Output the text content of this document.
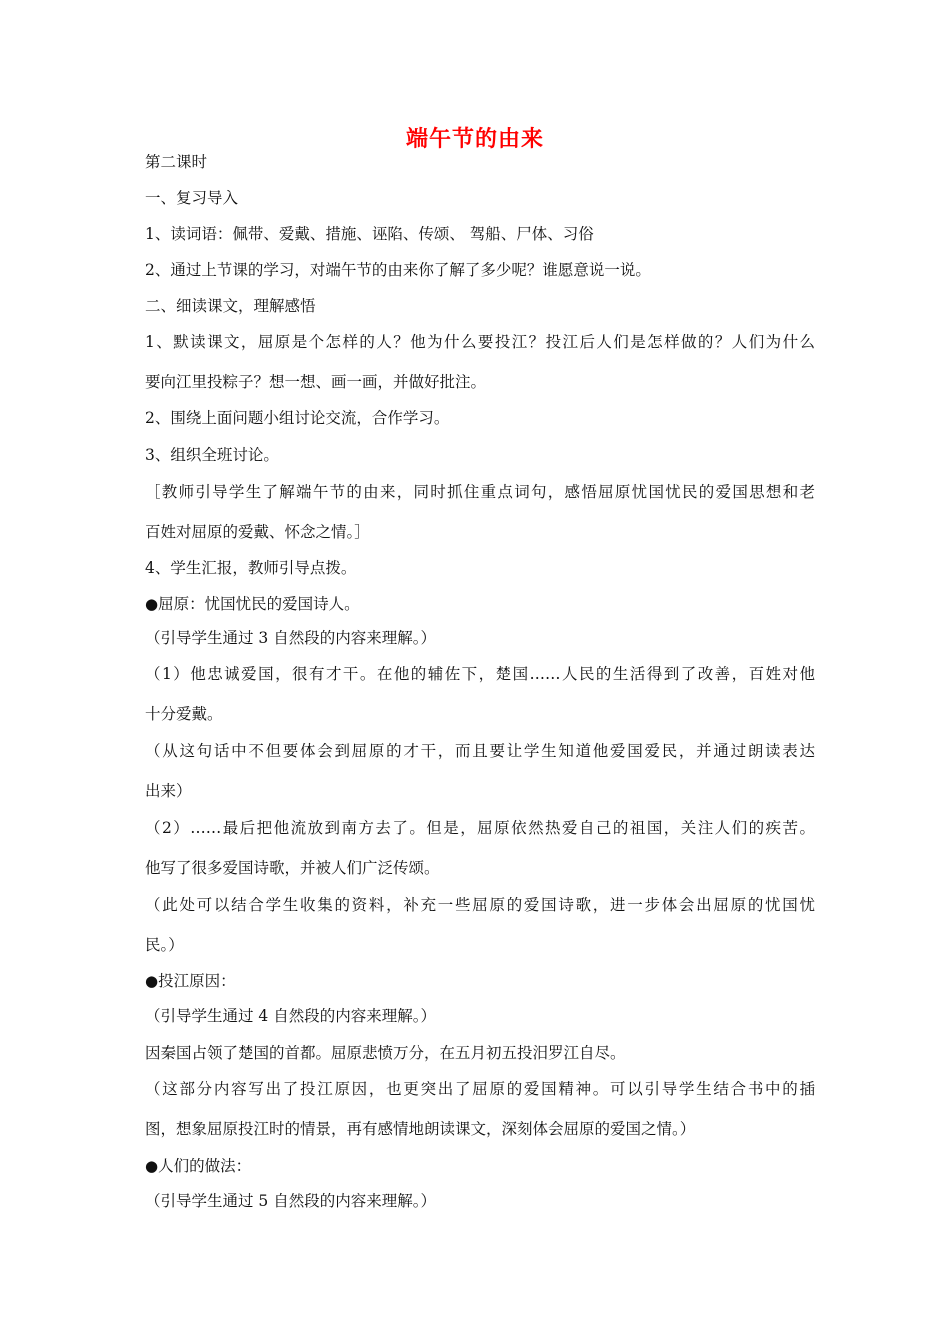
端午节的由来
第二课时
一、复习导入
1、读词语：佩带、爱戴、措施、诬陷、传颂、 驾船、尸体、习俗
2、通过上节课的学习，对端午节的由来你了解了多少呢？谁愿意说一说。
二、细读课文，理解感悟
1、默读课文，屈原是个怎样的人？他为什么要投江？投江后人们是怎样做的？人们为什么
要向江里投粽子？想一想、画一画，并做好批注。
2、围绕上面问题小组讨论交流，合作学习。
3、组织全班讨论。
［教师引导学生了解端午节的由来，同时抓住重点词句，感悟屈原忧国忧民的爱国思想和老
百姓对屈原的爱戴、怀念之情。］
4、学生汇报，教师引导点拨。
● 屈原：忧国忧民的爱国诗人。
（引导学生通过 3 自然段的内容来理解。）
（1）他忠诚爱国，很有才干。在他的辅佐下，楚国……人民的生活得到了改善，百姓对他
十分爱戴。
（从这句话中不但要体会到屈原的才干，而且要让学生知道他爱国爱民，并通过朗读表达
出来）
（2）……最后把他流放到南方去了。但是，屈原依然热爱自己的祖国，关注人们的疾苦。
他写了很多爱国诗歌，并被人们广泛传颂。
（此处可以结合学生收集的资料，补充一些屈原的爱国诗歌，进一步体会出屈原的忧国忧
民。）
● 投江原因：
（引导学生通过 4 自然段的内容来理解。）
因秦国占领了楚国的首都。屈原悲愤万分，在五月初五投汨罗江自尽。
（这部分内容写出了投江原因，也更突出了屈原的爱国精神。可以引导学生结合书中的插
图，想象屈原投江时的情景，再有感情地朗读课文，深刻体会屈原的爱国之情。）
● 人们的做法：
（引导学生通过 5 自然段的内容来理解。）
